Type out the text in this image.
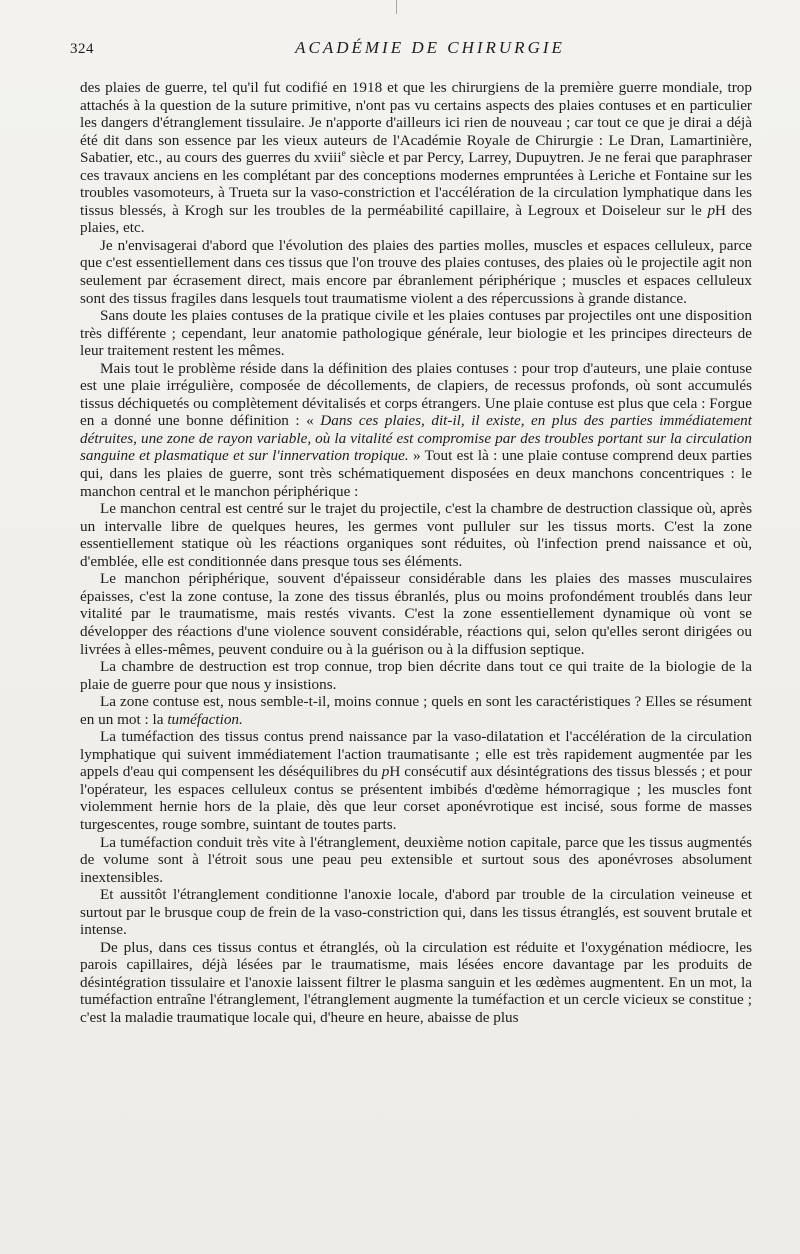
324	ACADÉMIE DE CHIRURGIE

des plaies de guerre, tel qu'il fut codifié en 1918 et que les chirurgiens de la première guerre mondiale, trop attachés à la question de la suture primitive, n'ont pas vu certains aspects des plaies contuses et en particulier les dangers d'étranglement tissulaire. Je n'apporte d'ailleurs ici rien de nouveau ; car tout ce que je dirai a déjà été dit dans son essence par les vieux auteurs de l'Académie Royale de Chirurgie : Le Dran, Lamartinière, Sabatier, etc., au cours des guerres du xviii$^e$ siècle et par Percy, Larrey, Dupuytren. Je ne ferai que paraphraser ces travaux anciens en les complétant par des conceptions modernes empruntées à Leriche et Fontaine sur les troubles vasomoteurs, à Trueta sur la vaso-constriction et l'accélération de la circulation lymphatique dans les tissus blessés, à Krogh sur les troubles de la perméabilité capillaire, à Legroux et Doiseleur sur le pH des plaies, etc.

Je n'envisagerai d'abord que l'évolution des plaies des parties molles, muscles et espaces celluleux, parce que c'est essentiellement dans ces tissus que l'on trouve des plaies contuses, des plaies où le projectile agit non seulement par écrasement direct, mais encore par ébranlement périphérique ; muscles et espaces celluleux sont des tissus fragiles dans lesquels tout traumatisme violent a des répercussions à grande distance.

Sans doute les plaies contuses de la pratique civile et les plaies contuses par projectiles ont une disposition très différente ; cependant, leur anatomie pathologique générale, leur biologie et les principes directeurs de leur traitement restent les mêmes.

Mais tout le problème réside dans la définition des plaies contuses : pour trop d'auteurs, une plaie contuse est une plaie irrégulière, composée de décollements, de clapiers, de recessus profonds, où sont accumulés tissus déchiquetés ou complètement dévitalisés et corps étrangers. Une plaie contuse est plus que cela : Forgue en a donné une bonne définition : « Dans ces plaies, dit-il, il existe, en plus des parties immédiatement détruites, une zone de rayon variable, où la vitalité est compromise par des troubles portant sur la circulation sanguine et plasmatique et sur l'innervation tropique. » Tout est là : une plaie contuse comprend deux parties qui, dans les plaies de guerre, sont très schématiquement disposées en deux manchons concentriques : le manchon central et le manchon périphérique :

Le manchon central est centré sur le trajet du projectile, c'est la chambre de destruction classique où, après un intervalle libre de quelques heures, les germes vont pulluler sur les tissus morts. C'est la zone essentiellement statique où les réactions organiques sont réduites, où l'infection prend naissance et où, d'emblée, elle est conditionnée dans presque tous ses éléments.

Le manchon périphérique, souvent d'épaisseur considérable dans les plaies des masses musculaires épaisses, c'est la zone contuse, la zone des tissus ébranlés, plus ou moins profondément troublés dans leur vitalité par le traumatisme, mais restés vivants. C'est la zone essentiellement dynamique où vont se développer des réactions d'une violence souvent considérable, réactions qui, selon qu'elles seront dirigées ou livrées à elles-mêmes, peuvent conduire ou à la guérison ou à la diffusion septique.

La chambre de destruction est trop connue, trop bien décrite dans tout ce qui traite de la biologie de la plaie de guerre pour que nous y insistions.

La zone contuse est, nous semble-t-il, moins connue ; quels en sont les caractéristiques ? Elles se résument en un mot : la tuméfaction.

La tuméfaction des tissus contus prend naissance par la vaso-dilatation et l'accélération de la circulation lymphatique qui suivent immédiatement l'action traumatisante ; elle est très rapidement augmentée par les appels d'eau qui compensent les déséquilibres du pH consécutif aux désintégrations des tissus blessés ; et pour l'opérateur, les espaces celluleux contus se présentent imbibés d'œdème hémorragique ; les muscles font violemment hernie hors de la plaie, dès que leur corset aponévrotique est incisé, sous forme de masses turgescentes, rouge sombre, suintant de toutes parts.

La tuméfaction conduit très vite à l'étranglement, deuxième notion capitale, parce que les tissus augmentés de volume sont à l'étroit sous une peau peu extensible et surtout sous des aponévroses absolument inextensibles.

Et aussitôt l'étranglement conditionne l'anoxie locale, d'abord par trouble de la circulation veineuse et surtout par le brusque coup de frein de la vaso-constriction qui, dans les tissus étranglés, est souvent brutale et intense.

De plus, dans ces tissus contus et étranglés, où la circulation est réduite et l'oxygénation médiocre, les parois capillaires, déjà lésées par le traumatisme, mais lésées encore davantage par les produits de désintégration tissulaire et l'anoxie laissent filtrer le plasma sanguin et les œdèmes augmentent. En un mot, la tuméfaction entraîne l'étranglement, l'étranglement augmente la tuméfaction et un cercle vicieux se constitue ; c'est la maladie traumatique locale qui, d'heure en heure, abaisse de plus
